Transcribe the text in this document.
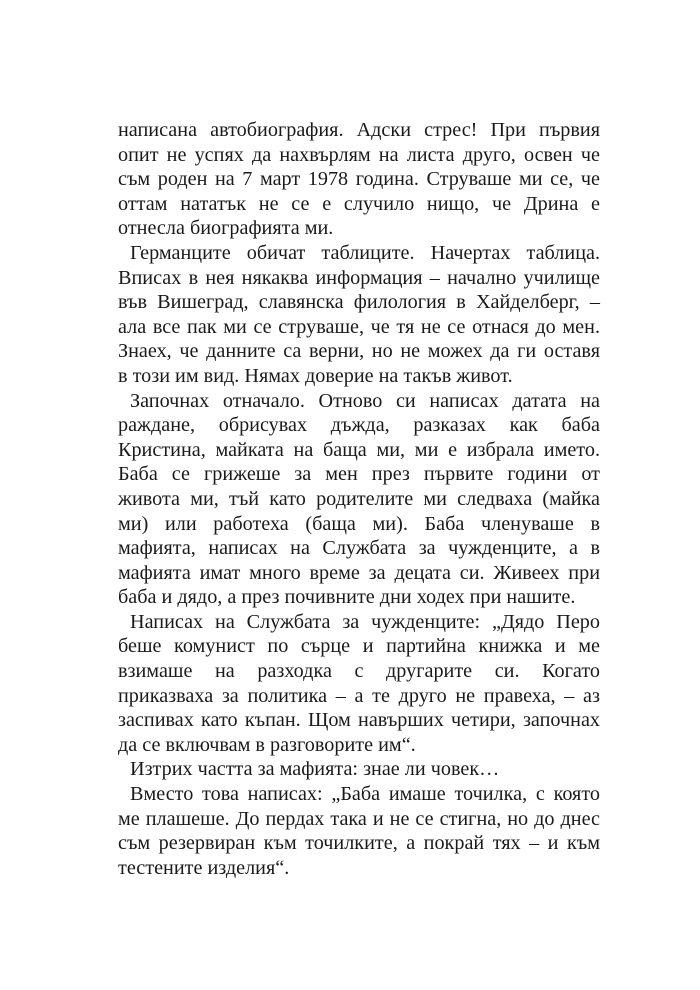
написана автобиография. Адски стрес! При първия
опит не успях да нахвърлям на листа друго, освен че
съм роден на 7 март 1978 година. Струваше ми се, че
оттам нататък не се е случило нищо, че Дрина е
отнесла биографията ми.
Германците обичат таблиците. Начертах таблица.
Вписах в нея някаква информация – начално училище
във Вишеград, славянска филология в Хайделберг, –
ала все пак ми се струваше, че тя не се отнася до мен.
Знаех, че данните са верни, но не можех да ги оставя
в този им вид. Нямах доверие на такъв живот.
Започнах отначало. Отново си написах датата на
раждане, обрисувах дъжда, разказах как баба
Кристина, майката на баща ми, ми е избрала името.
Баба се грижеше за мен през първите години от
живота ми, тъй като родителите ми следваха (майка
ми) или работеха (баща ми). Баба членуваше в
мафията, написах на Службата за чужденците, а в
мафията имат много време за децата си. Живеех при
баба и дядо, а през почивните дни ходех при нашите.
Написах на Службата за чужденците: „Дядо Перо
беше комунист по сърце и партийна книжка и ме
взимаше на разходка с другарите си. Когато
приказваха за политика – а те друго не правеха, – аз
заспивах като къпан. Щом навърших четири, започнах
да се включвам в разговорите им“.
Изтрих частта за мафията: знае ли човек…
Вместо това написах: „Баба имаше точилка, с която
ме плашеше. До пердах така и не се стигна, но до днес
съм резервиран към точилките, а покрай тях – и към
тестените изделия“.
